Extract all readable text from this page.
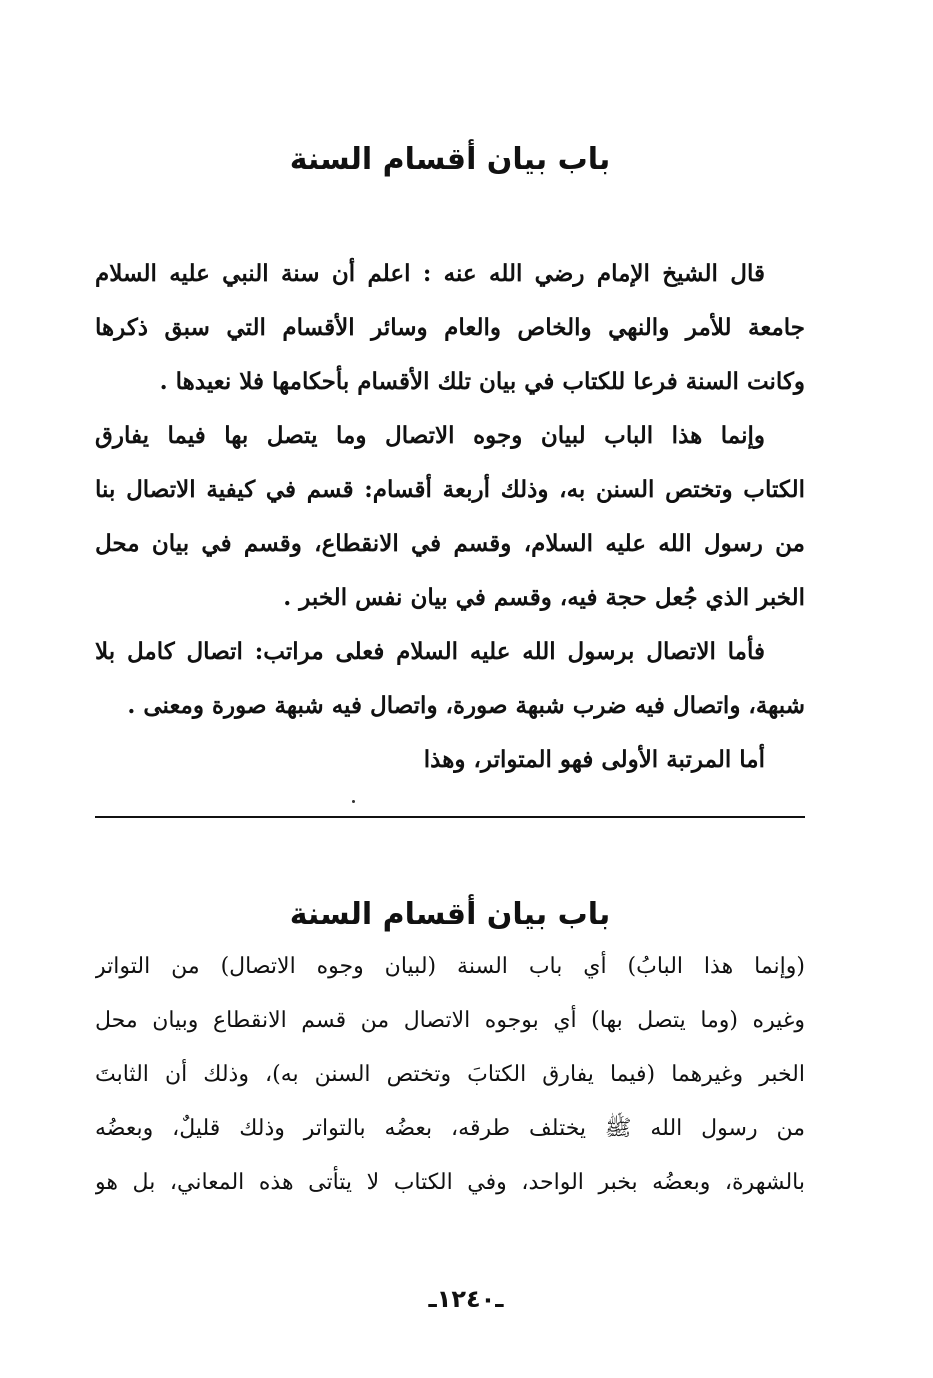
باب بيان أقسام السنة
قال الشيخ الإمام رضي الله عنه : اعلم أن سنة النبي عليه السلام
جامعة للأمر والنهي والخاص والعام وسائر الأقسام التي سبق ذكرها
وكانت السنة فرعا للكتاب في بيان تلك الأقسام بأحكامها فلا نعيدها .
وإنما هذا الباب لبيان وجوه الاتصال وما يتصل بها فيما يفارق
الكتاب وتختص السنن به، وذلك أربعة أقسام: قسم في كيفية الاتصال بنا
من رسول الله عليه السلام، وقسم في الانقطاع، وقسم في بيان محل
الخبر الذي جُعل حجة فيه، وقسم في بيان نفس الخبر .
فأما الاتصال برسول الله عليه السلام فعلى مراتب: اتصال كامل بلا
شبهة، واتصال فيه ضرب شبهة صورة، واتصال فيه شبهة صورة ومعنى .
أما المرتبة الأولى فهو المتواتر، وهذا
باب بيان أقسام السنة
(وإنما هذا البابُ) أي باب السنة (لبيان وجوه الاتصال) من التواتر
وغيره (وما يتصل بها) أي بوجوه الاتصال من قسم الانقطاع وبيان محل
الخبر وغيرهما (فيما يفارق الكتابَ وتختص السنن به)، وذلك أن الثابتَ
من رسول الله ﷺ يختلف طرقه، بعضُه بالتواتر وذلك قليلٌ، وبعضُه
بالشهرة، وبعضُه بخبر الواحد، وفي الكتاب لا يتأتى هذه المعاني، بل هو
ـ١٢٤٠ـ
